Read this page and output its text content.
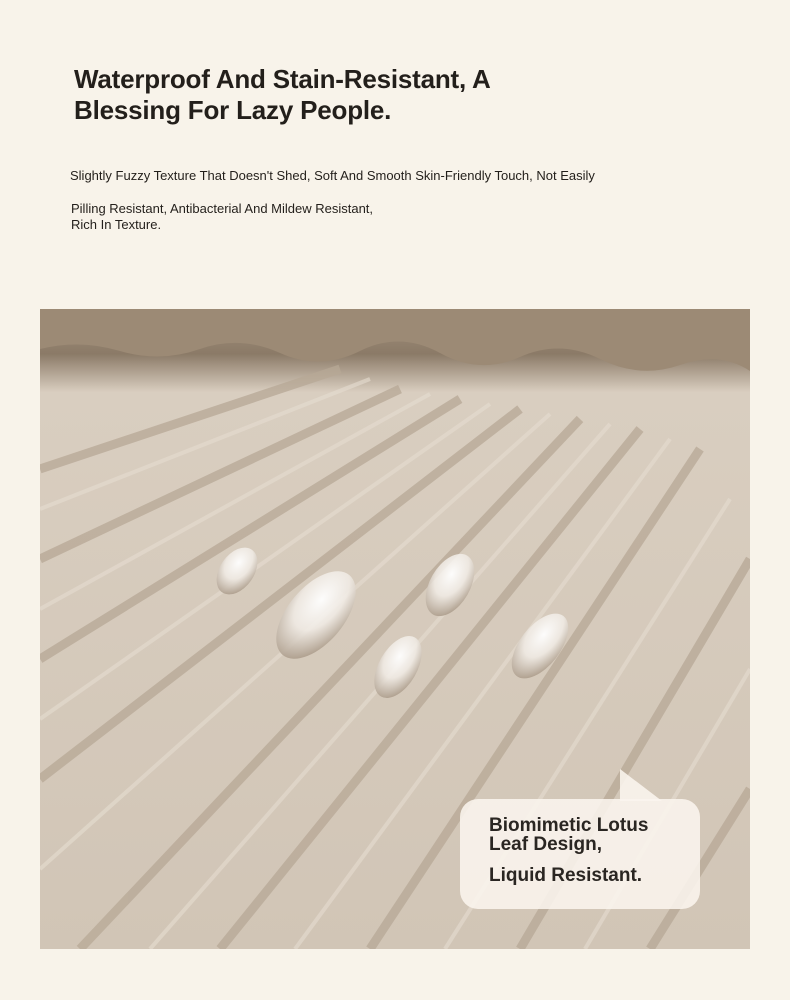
Waterproof And Stain-Resistant, A Blessing For Lazy People.
Slightly Fuzzy Texture That Doesn't Shed, Soft And Smooth Skin-Friendly Touch, Not Easily
Pilling Resistant, Antibacterial And Mildew Resistant,
Rich In Texture.
Biomimetic Lotus Leaf Design,
Liquid Resistant.
